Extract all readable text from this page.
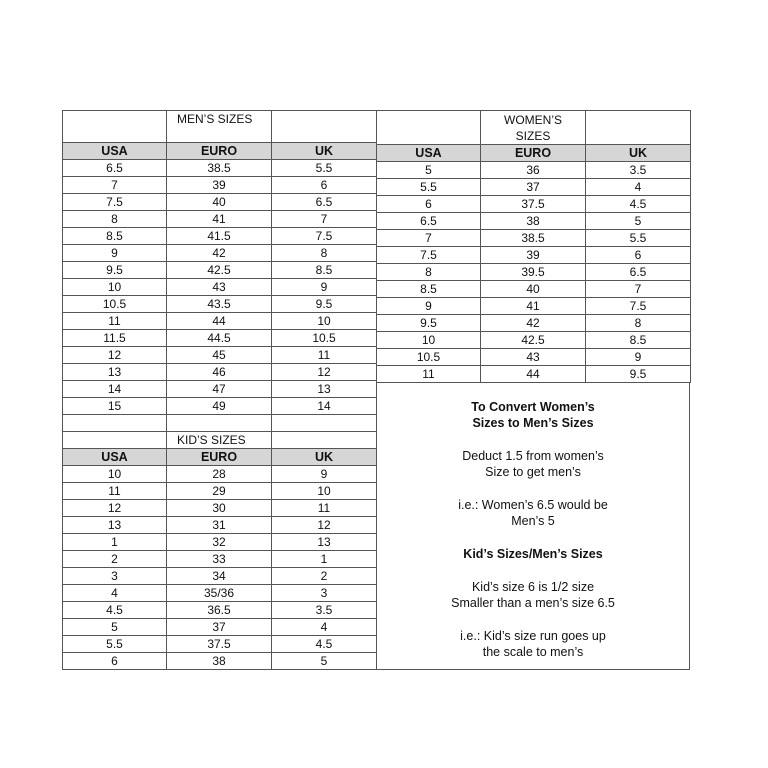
	MEN’S SIZES	

USA	EURO	UK
6.5	38.5	5.5
7	39	6
7.5	40	6.5
8	41	7
8.5	41.5	7.5
9	42	8
9.5	42.5	8.5
10	43	9
10.5	43.5	9.5
11	44	10
11.5	44.5	10.5
12	45	11
13	46	12
14	47	13
15	49	14

	KID’S SIZES	

USA	EURO	UK
10	28	9
11	29	10
12	30	11
13	31	12
1	32	13
2	33	1
3	34	2
4	35/36	3
4.5	36.5	3.5
5	37	4
5.5	37.5	4.5
6	38	5

	WOMEN’S
SIZES	

USA	EURO	UK
5	36	3.5
5.5	37	4
6	37.5	4.5
6.5	38	5
7	38.5	5.5
7.5	39	6
8	39.5	6.5
8.5	40	7
9	41	7.5
9.5	42	8
10	42.5	8.5
10.5	43	9
11	44	9.5
To Convert Women’s
Sizes to Men’s Sizes
Deduct 1.5 from women’s
Size to get men’s
i.e.: Women’s 6.5 would be
Men’s 5
Kid’s Sizes/Men’s Sizes
Kid’s size 6 is 1/2 size
Smaller than a men’s size 6.5
i.e.: Kid’s size run goes up
the scale to men’s
